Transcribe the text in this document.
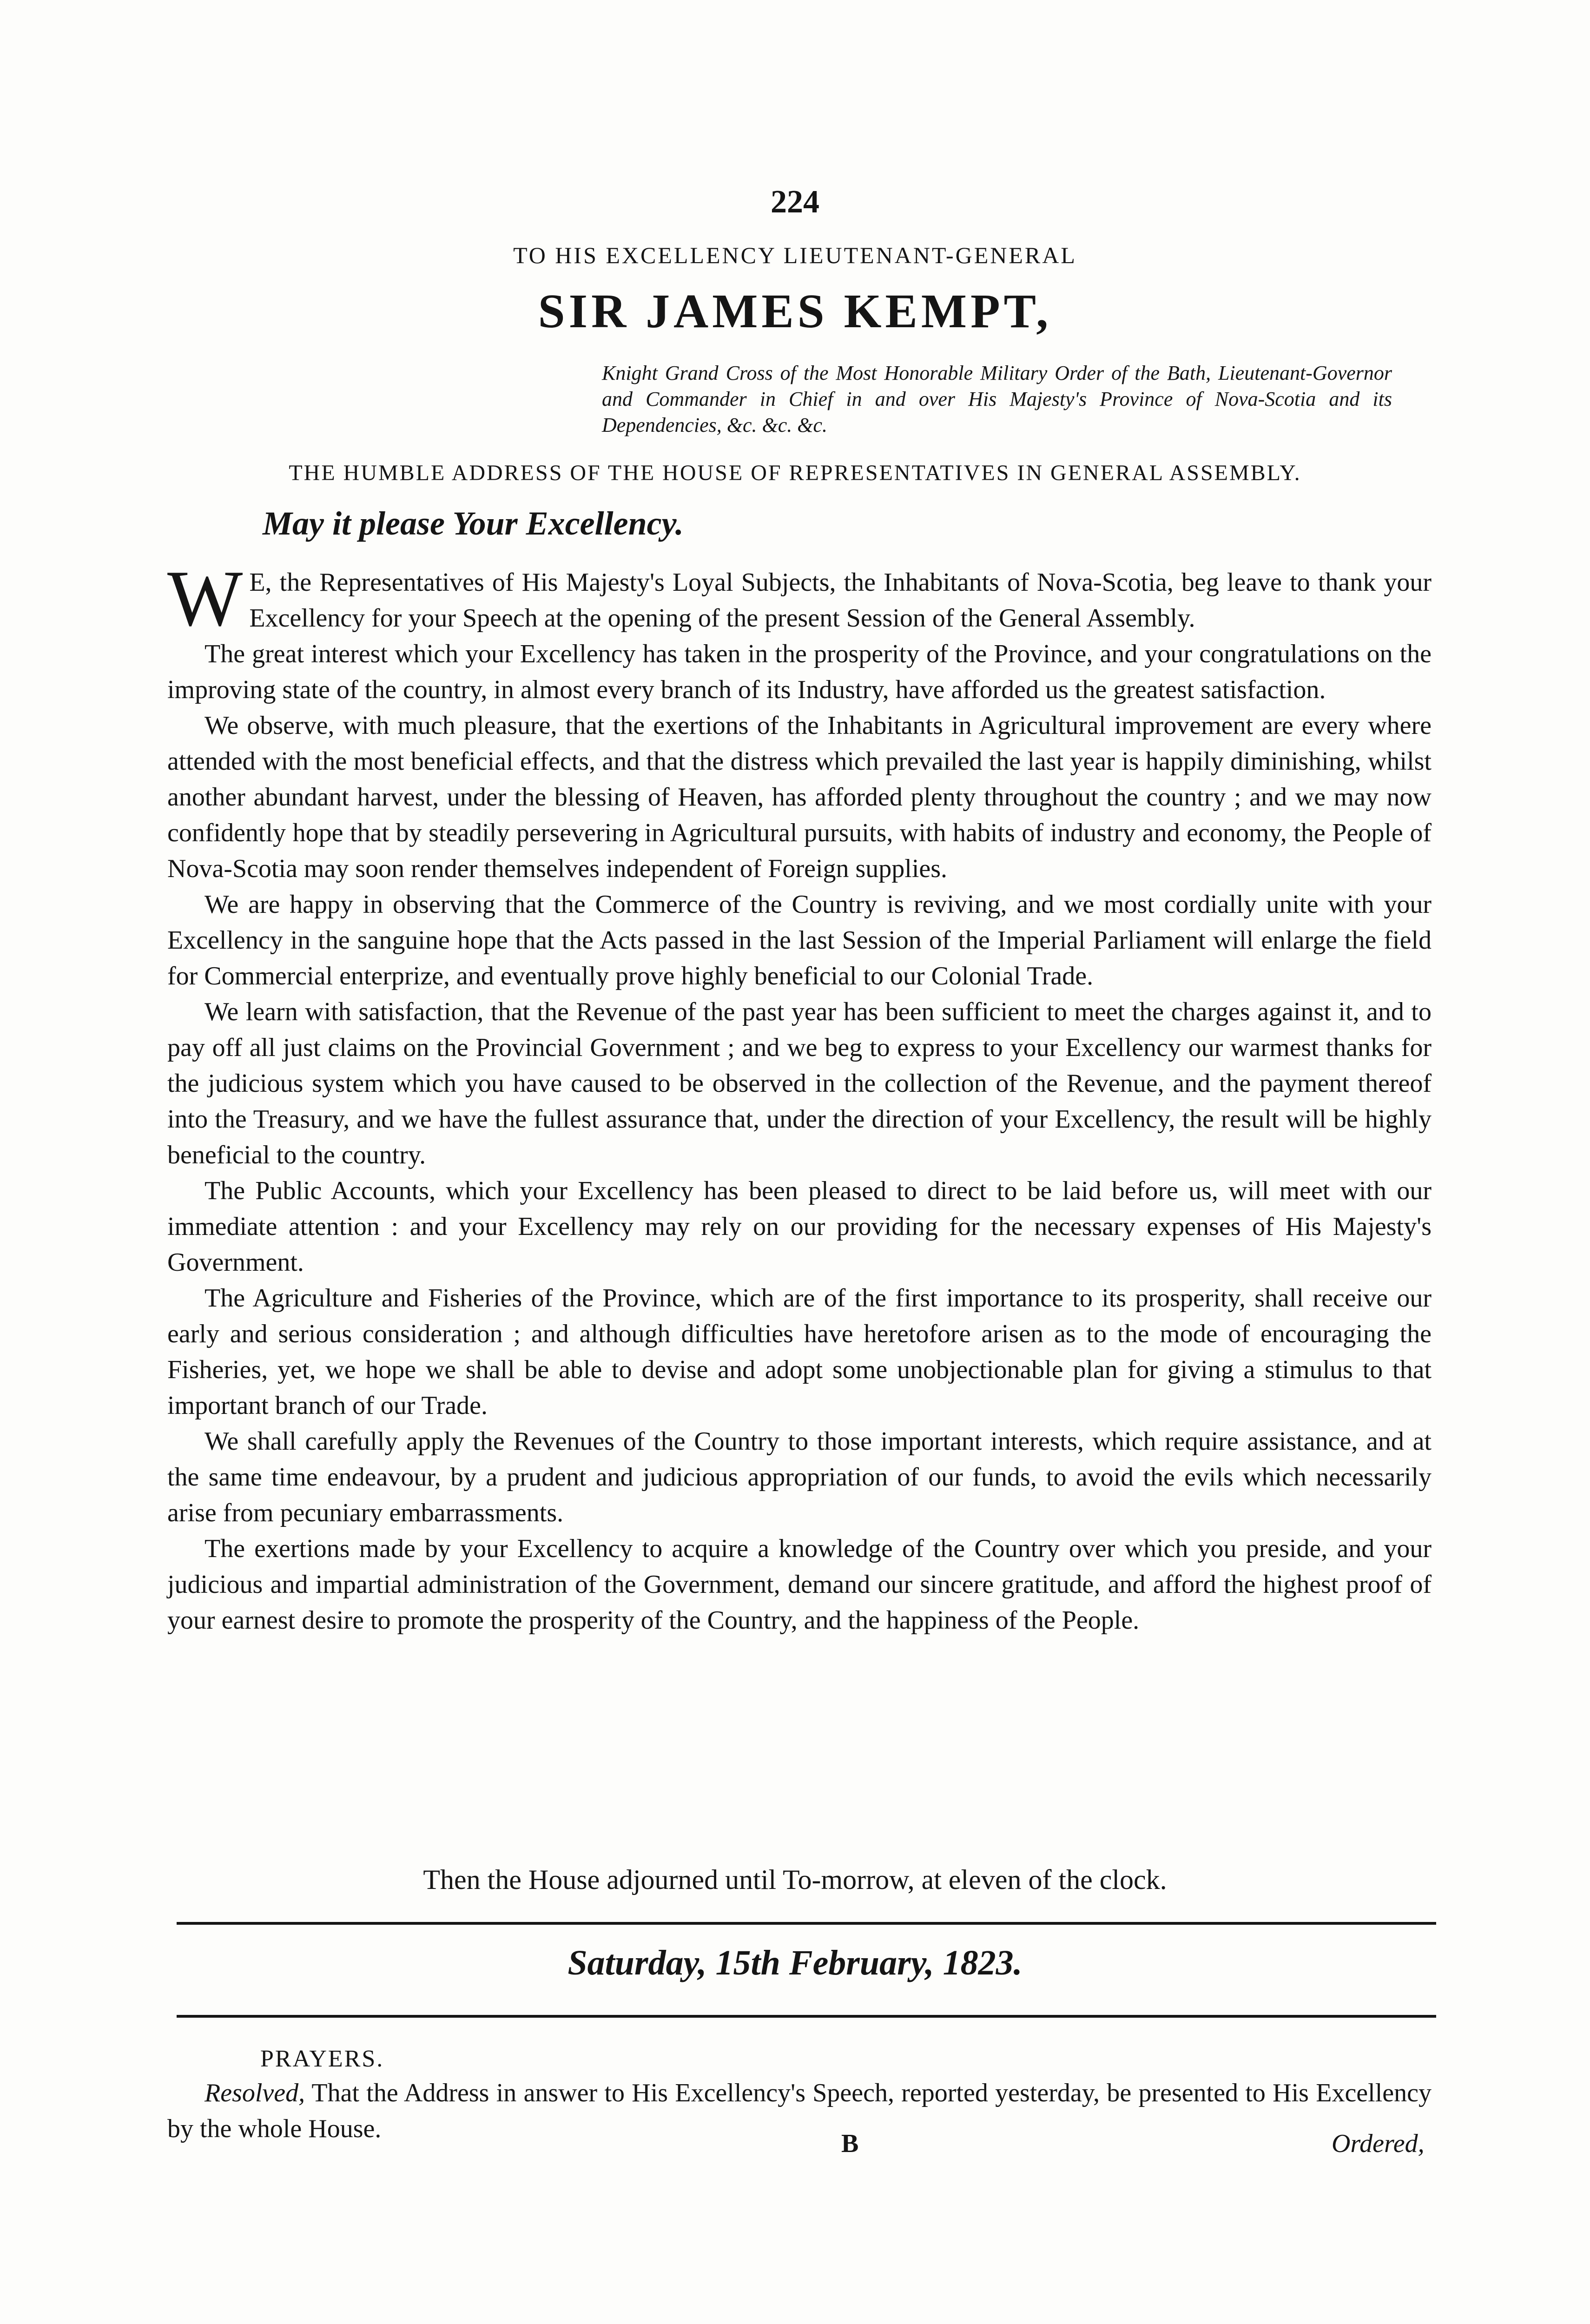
224
TO HIS EXCELLENCY LIEUTENANT-GENERAL
SIR JAMES KEMPT,
Knight Grand Cross of the Most Honorable Military Order of the Bath, Lieutenant-Governor and Commander in Chief in and over His Majesty's Province of Nova-Scotia and its Dependencies, &c. &c. &c.
THE HUMBLE ADDRESS OF THE HOUSE OF REPRESENTATIVES IN GENERAL ASSEMBLY.
May it please Your Excellency.

W E, the Representatives of His Majesty's Loyal Subjects, the Inhabitants of Nova-Scotia, beg leave to thank your Excellency for your Speech at the opening of the present Session of the General Assembly.

The great interest which your Excellency has taken in the prosperity of the Province, and your congratulations on the improving state of the country, in almost every branch of its Industry, have afforded us the greatest satisfaction.

We observe, with much pleasure, that the exertions of the Inhabitants in Agricultural improvement are every where attended with the most beneficial effects, and that the distress which prevailed the last year is happily diminishing, whilst another abundant harvest, under the blessing of Heaven, has afforded plenty throughout the country ; and we may now confidently hope that by steadily persevering in Agricultural pursuits, with habits of industry and economy, the People of Nova-Scotia may soon render themselves independent of Foreign supplies.

We are happy in observing that the Commerce of the Country is reviving, and we most cordially unite with your Excellency in the sanguine hope that the Acts passed in the last Session of the Imperial Parliament will enlarge the field for Commercial enterprize, and eventually prove highly beneficial to our Colonial Trade.

We learn with satisfaction, that the Revenue of the past year has been sufficient to meet the charges against it, and to pay off all just claims on the Provincial Government ; and we beg to express to your Excellency our warmest thanks for the judicious system which you have caused to be observed in the collection of the Revenue, and the payment thereof into the Treasury, and we have the fullest assurance that, under the direction of your Excellency, the result will be highly beneficial to the country.

The Public Accounts, which your Excellency has been pleased to direct to be laid before us, will meet with our immediate attention : and your Excellency may rely on our providing for the necessary expenses of His Majesty's Government.

The Agriculture and Fisheries of the Province, which are of the first importance to its prosperity, shall receive our early and serious consideration ; and although difficulties have heretofore arisen as to the mode of encouraging the Fisheries, yet, we hope we shall be able to devise and adopt some unobjectionable plan for giving a stimulus to that important branch of our Trade.

We shall carefully apply the Revenues of the Country to those important interests, which require assistance, and at the same time endeavour, by a prudent and judicious appropriation of our funds, to avoid the evils which necessarily arise from pecuniary embarrassments.

The exertions made by your Excellency to acquire a knowledge of the Country over which you preside, and your judicious and impartial administration of the Government, demand our sincere gratitude, and afford the highest proof of your earnest desire to promote the prosperity of the Country, and the happiness of the People.

Then the House adjourned until To-morrow, at eleven of the clock.
Saturday, 15th February, 1823.
PRAYERS.

Resolved, That the Address in answer to His Excellency's Speech, reported yesterday, be presented to His Excellency by the whole House.

B	Ordered,
